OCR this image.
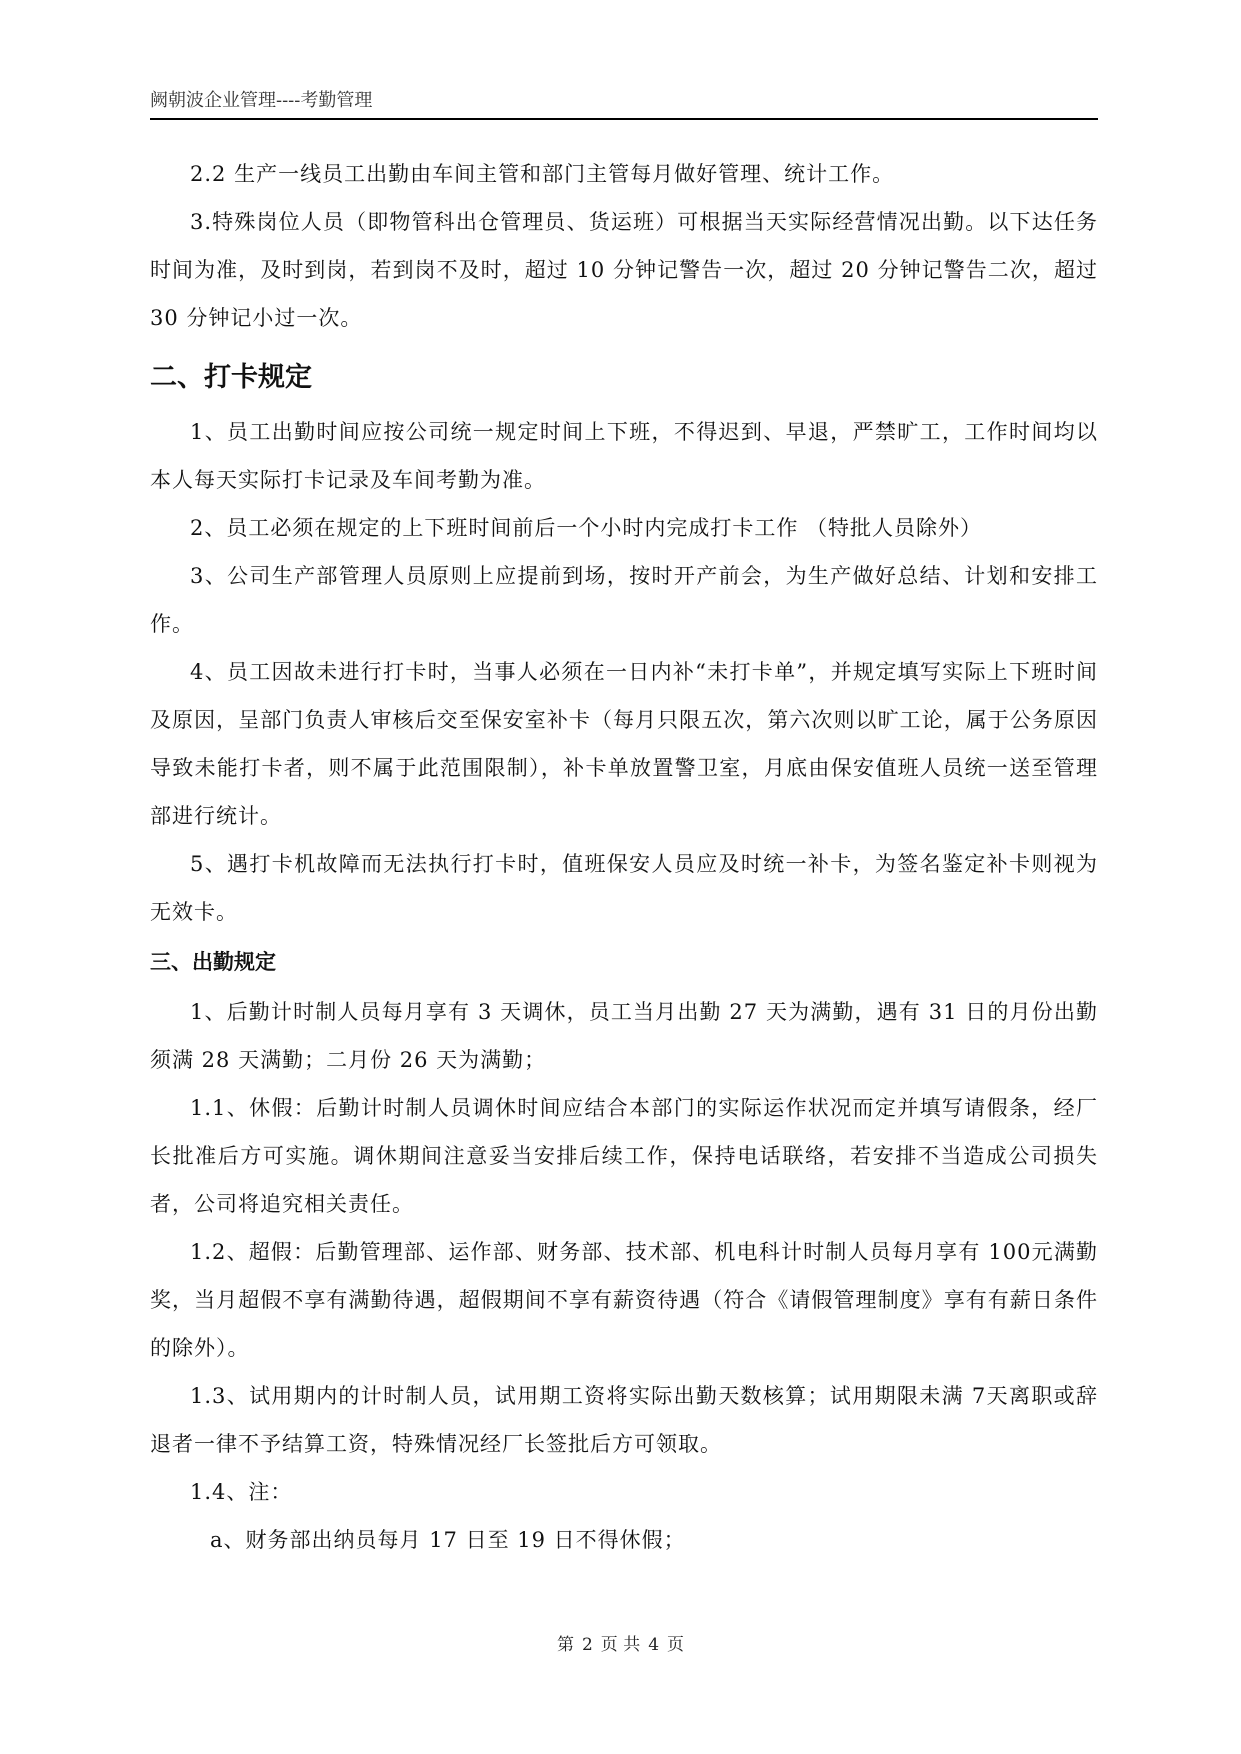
阙朝波企业管理----考勤管理

2.2 生产一线员工出勤由车间主管和部门主管每月做好管理、统计工作。

3.特殊岗位人员（即物管科出仓管理员、货运班）可根据当天实际经营情况出勤。以下达任务时间为准，及时到岗，若到岗不及时，超过 10 分钟记警告一次，超过 20 分钟记警告二次，超过 30 分钟记小过一次。

二、打卡规定

1、员工出勤时间应按公司统一规定时间上下班，不得迟到、早退，严禁旷工，工作时间均以本人每天实际打卡记录及车间考勤为准。

2、员工必须在规定的上下班时间前后一个小时内完成打卡工作 （特批人员除外）

3、公司生产部管理人员原则上应提前到场，按时开产前会，为生产做好总结、计划和安排工作。

4、员工因故未进行打卡时，当事人必须在一日内补“未打卡单”，并规定填写实际上下班时间及原因，呈部门负责人审核后交至保安室补卡（每月只限五次，第六次则以旷工论，属于公务原因导致未能打卡者，则不属于此范围限制），补卡单放置警卫室，月底由保安值班人员统一送至管理部进行统计。

5、遇打卡机故障而无法执行打卡时，值班保安人员应及时统一补卡，为签名鉴定补卡则视为无效卡。

三、出勤规定

1、后勤计时制人员每月享有 3 天调休，员工当月出勤 27 天为满勤，遇有 31 日的月份出勤须满 28 天满勤；二月份 26 天为满勤；

1.1、休假：后勤计时制人员调休时间应结合本部门的实际运作状况而定并填写请假条，经厂长批准后方可实施。调休期间注意妥当安排后续工作，保持电话联络，若安排不当造成公司损失者，公司将追究相关责任。

1.2、超假：后勤管理部、运作部、财务部、技术部、机电科计时制人员每月享有 100元满勤奖，当月超假不享有满勤待遇，超假期间不享有薪资待遇（符合《请假管理制度》享有有薪日条件的除外）。

1.3、试用期内的计时制人员，试用期工资将实际出勤天数核算；试用期限未满 7天离职或辞退者一律不予结算工资，特殊情况经厂长签批后方可领取。

1.4、注：

a、财务部出纳员每月 17 日至 19 日不得休假；

第 2 页 共 4 页
